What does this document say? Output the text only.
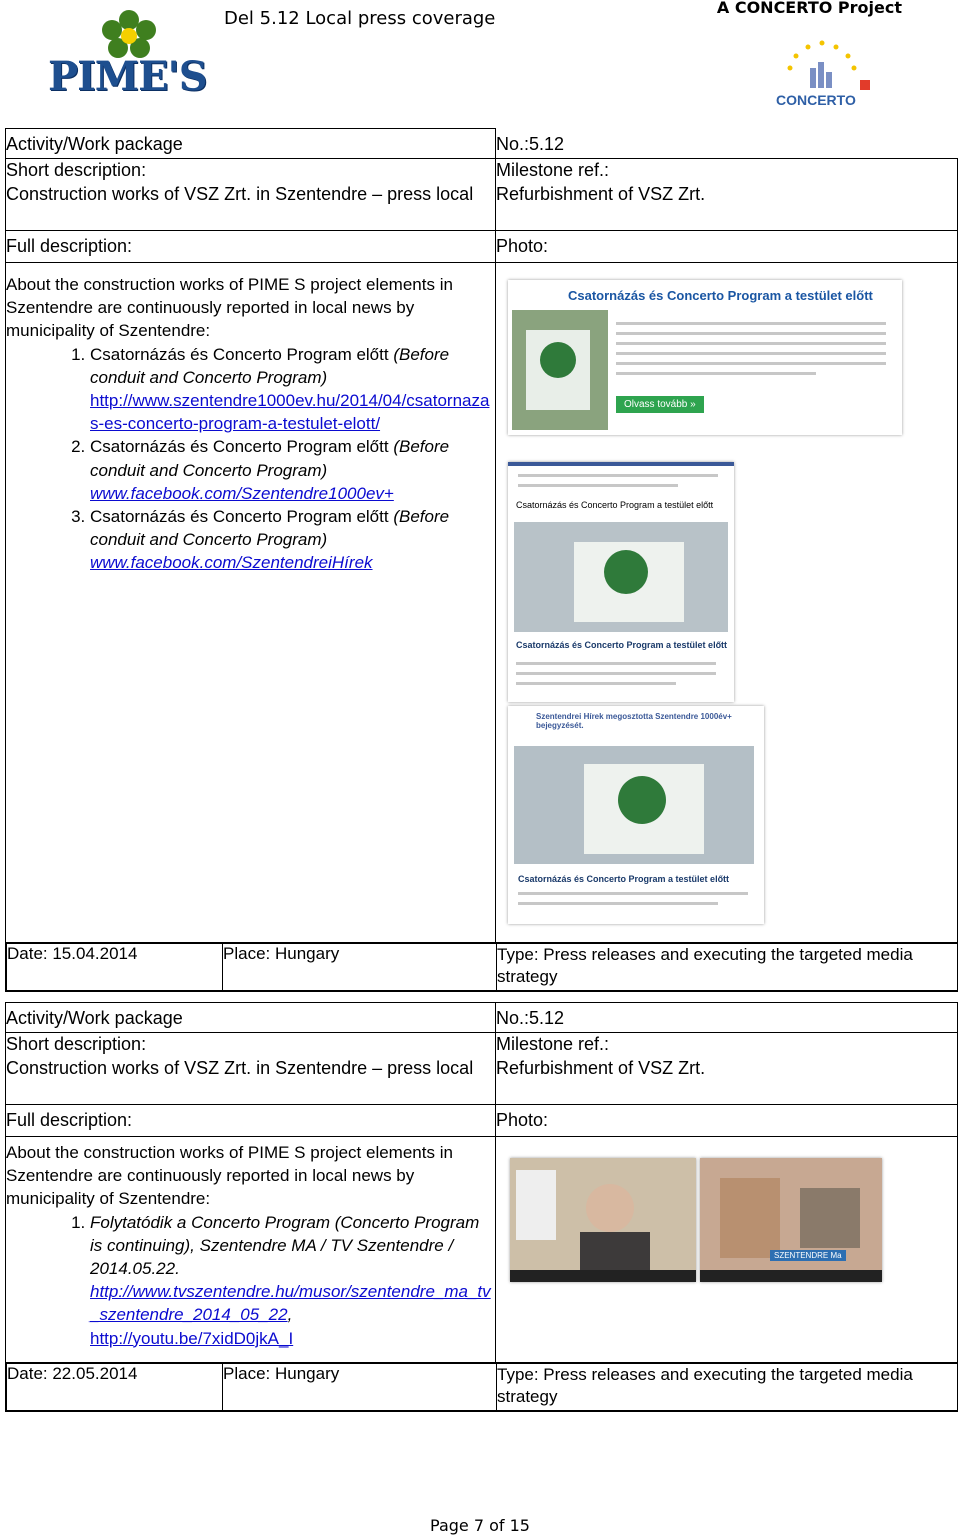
PIME'S
Del 5.12 Local press coverage
A CONCERTO Project
CONCERTO
Activity/Work package	No.:5.12

Short description:
Construction works of VSZ Zrt. in Szentendre – press local

Milestone ref.:
Refurbishment of VSZ Zrt.

Full description:	Photo:

About the construction works of PIME S project elements in Szentendre are continuously reported in local news by municipality of Szentendre:
1. Csatornázás és Concerto Program előtt (Before conduit and Concerto Program)
http://www.szentendre1000ev.hu/2014/04/csatornazas-es-concerto-program-a-testulet-elott/
2. Csatornázás és Concerto Program előtt (Before conduit and Concerto Program)
www.facebook.com/Szentendre1000ev+
3. Csatornázás és Concerto Program előtt (Before conduit and Concerto Program)
www.facebook.com/SzentendreiHírek

Date: 15.04.2014	Place: Hungary	Type: Press releases and executing the targeted media strategy
Csatornázás és Concerto Program a testület előtt
Olvass tovább »
Csatornázás és Concerto Program a testület előtt
Csatornázás és Concerto Program a testület előtt
Szentendrei Hírek megosztotta Szentendre 1000év+ bejegyzését.
Csatornázás és Concerto Program a testület előtt
Activity/Work package	No.:5.12

Short description:
Construction works of VSZ Zrt. in Szentendre – press local

Milestone ref.:
Refurbishment of VSZ Zrt.

Full description:	Photo:

About the construction works of PIME S project elements in Szentendre are continuously reported in local news by municipality of Szentendre:
1. Folytatódik a Concerto Program (Concerto Program is continuing), Szentendre MA / TV Szentendre / 2014.05.22.
http://www.tvszentendre.hu/musor/szentendre_ma_tv_szentendre_2014_05_22,
http://youtu.be/7xidD0jkA_I

Date: 22.05.2014	Place: Hungary	Type: Press releases and executing the targeted media strategy
SZENTENDRE Ma
Page 7 of 15
